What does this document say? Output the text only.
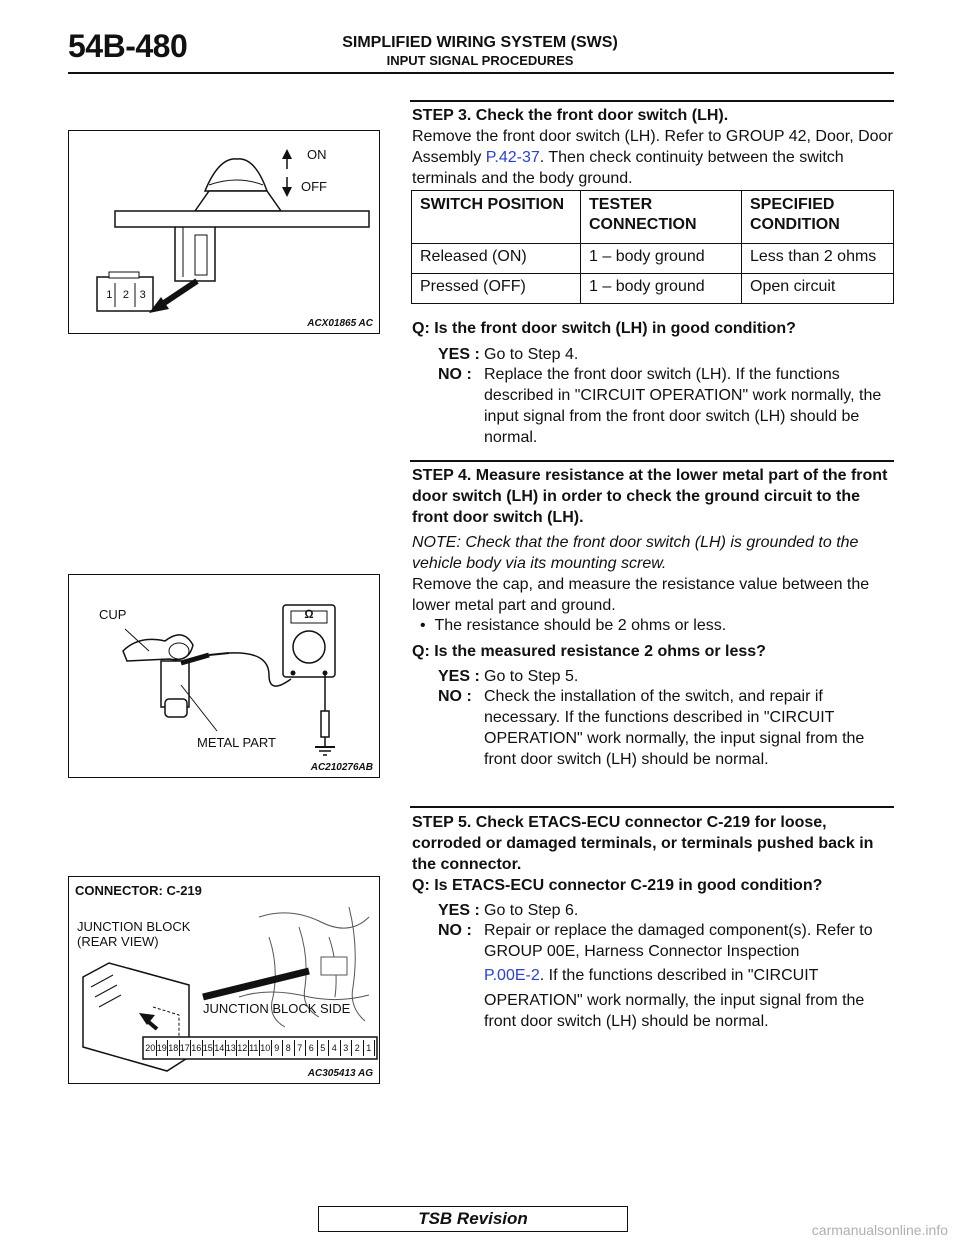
54B-480	SIMPLIFIED WIRING SYSTEM (SWS)
INPUT SIGNAL PROCEDURES
STEP 3. Check the front door switch (LH).
Remove the front door switch (LH). Refer to GROUP 42, Door, Door Assembly P.42-37. Then check continuity between the switch terminals and the body ground.
SWITCH POSITION	TESTER CONNECTION	SPECIFIED CONDITION
Released (ON)	1 – body ground	Less than 2 ohms
Pressed (OFF)	1 – body ground	Open circuit
Q: Is the front door switch (LH) in good condition?
YES : Go to Step 4.
NO : Replace the front door switch (LH). If the functions described in "CIRCUIT OPERATION" work normally, the input signal from the front door switch (LH) should be normal.
STEP 4. Measure resistance at the lower metal part of the front door switch (LH) in order to check the ground circuit to the front door switch (LH).
NOTE: Check that the front door switch (LH) is grounded to the vehicle body via its mounting screw.
Remove the cap, and measure the resistance value between the lower metal part and ground.
•  The resistance should be 2 ohms or less.
Q: Is the measured resistance 2 ohms or less?
YES : Go to Step 5.
NO : Check the installation of the switch, and repair if necessary. If the functions described in "CIRCUIT OPERATION" work normally, the input signal from the front door switch (LH) should be normal.
STEP 5. Check ETACS-ECU connector C-219 for loose, corroded or damaged terminals, or terminals pushed back in the connector.
Q: Is ETACS-ECU connector C-219 in good condition?
YES : Go to Step 6.
NO : Repair or replace the damaged component(s). Refer to GROUP 00E, Harness Connector Inspection
P.00E-2. If the functions described in "CIRCUIT OPERATION" work normally, the input signal from the front door switch (LH) should be normal.
ON
OFF
1 2 3
ACX01865 AC
Ω
CUP
METAL PART
AC210276AB
CONNECTOR: C-219
JUNCTION BLOCK
(REAR VIEW)
JUNCTION BLOCK SIDE
20 19 18 17 16 15 14 13 12 11 10 9 8 7 6 5 4 3 2 1
AC305413 AG
TSB Revision
carmanualsonline.info
